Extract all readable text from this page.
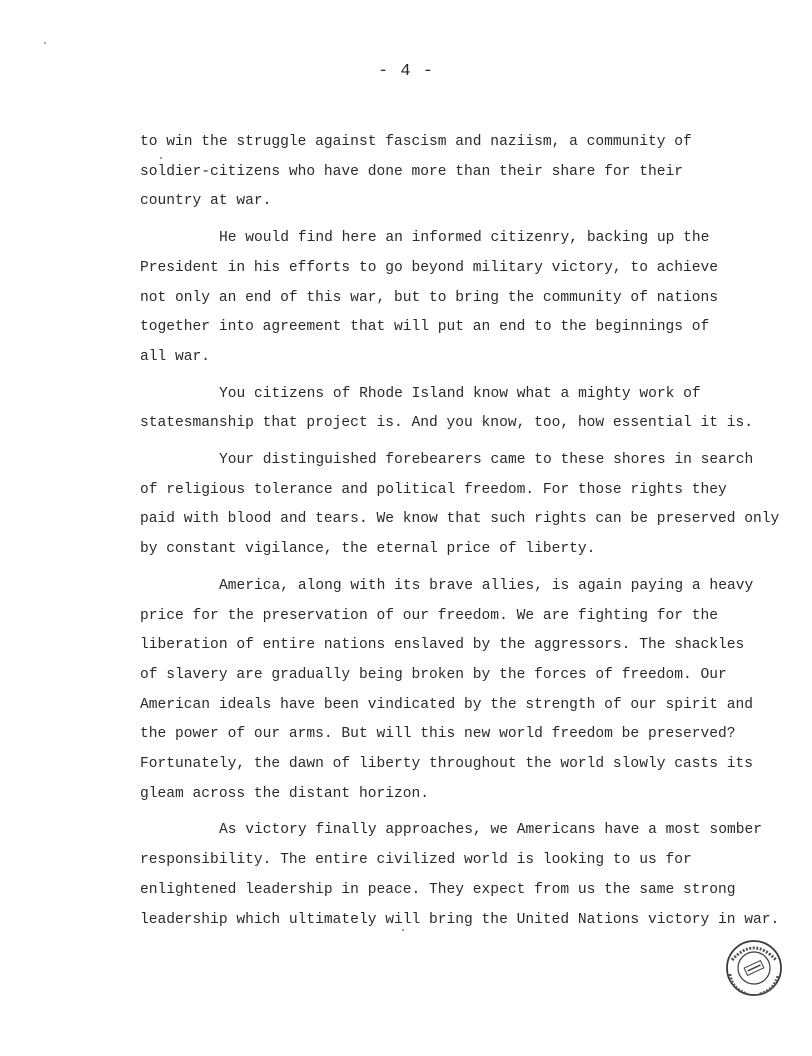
- 4 -
to win the struggle against fascism and naziism, a community of
soldier-citizens who have done more than their share for their
country at war.
He would find here an informed citizenry, backing up the
President in his efforts to go beyond military victory, to achieve
not only an end of this war, but to bring the community of nations
together into agreement that will put an end to the beginnings of
all war.
You citizens of Rhode Island know what a mighty work of
statesmanship that project is. And you know, too, how essential it is.
Your distinguished forebearers came to these shores in search
of religious tolerance and political freedom. For those rights they
paid with blood and tears. We know that such rights can be preserved only
by constant vigilance, the eternal price of liberty.
America, along with its brave allies, is again paying a heavy
price for the preservation of our freedom. We are fighting for the
liberation of entire nations enslaved by the aggressors. The shackles
of slavery are gradually being broken by the forces of freedom. Our
American ideals have been vindicated by the strength of our spirit and
the power of our arms. But will this new world freedom be preserved?
Fortunately, the dawn of liberty throughout the world slowly casts its
gleam across the distant horizon.
As victory finally approaches, we Americans have a most somber
responsibility. The entire civilized world is looking to us for
enlightened leadership in peace. They expect from us the same strong
leadership which ultimately will bring the United Nations victory in war.
